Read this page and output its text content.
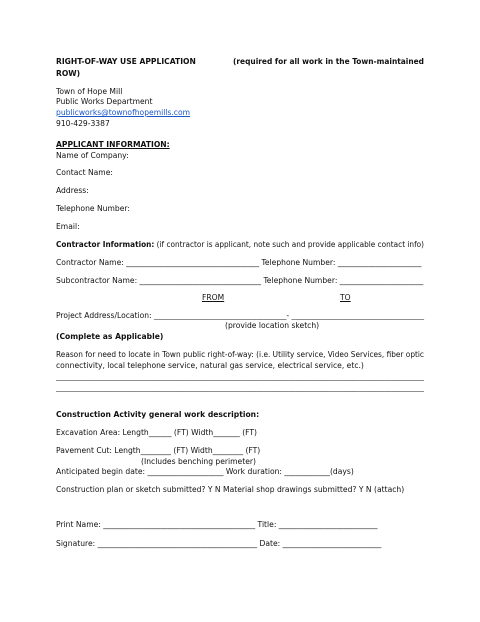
RIGHT-OF-WAY USE APPLICATION	(required for all work in the Town-maintained
ROW)
Town of Hope Mill
Public Works Department
publicworks@townofhopemills.com
910-429-3387
APPLICANT INFORMATION:
Name of Company:
Contact Name:
Address:
Telephone Number:
Email:
Contractor Information: (if contractor is applicant, note such and provide applicable contact info)
Contractor Name: ___________________________________ Telephone Number: ______________________
Subcontractor Name: ________________________________ Telephone Number: ______________________
FROM	TO
Project Address/Location: ___________________________________- ___________________________________
(provide location sketch)
(Complete as Applicable)
Reason for need to locate in Town public right-of-way: (i.e. Utility service, Video Services, fiber optic
connectivity, local telephone service, natural gas service, electrical service, etc.)
_______________________________________________________________________________________________________
_______________________________________________________________________________________________________
Construction Activity general work description:
Excavation Area: Length______ (FT) Width_______ (FT)
Pavement Cut: Length________ (FT) Width________ (FT)
(Includes benching perimeter)
Anticipated begin date: ____________________ Work duration: ____________(days)
Construction plan or sketch submitted? Y N Material shop drawings submitted? Y N (attach)
Print Name: ________________________________________ Title: __________________________
Signature: __________________________________________ Date: __________________________
